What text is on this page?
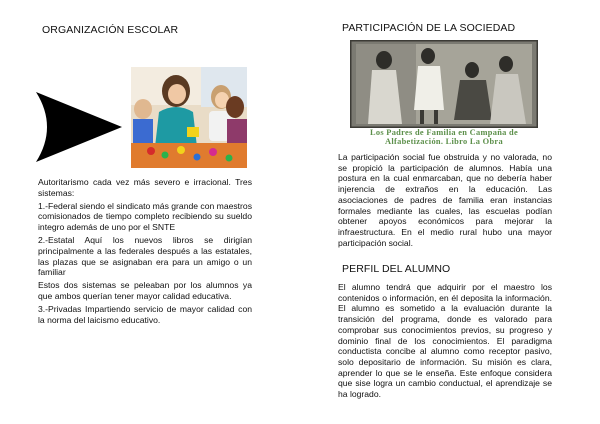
ORGANIZACIÓN ESCOLAR

Autoritarismo cada vez más severo e irracional. Tres sistemas:

1.-Federal siendo el sindicato más grande con maestros comisionados de tiempo completo recibiendo su sueldo integro además de uno por el SNTE

2.-Estatal Aquí los nuevos libros se dirigían principalmente a las federales después a las estatales, las plazas que se asignaban era para un amigo o un familiar

Estos dos sistemas se peleaban por los alumnos ya que ambos querían tener mayor calidad educativa.

3.-Privadas Impartiendo servicio de mayor calidad con la norma del laicismo educativo.

PARTICIPACIÓN DE LA SOCIEDAD
Los Padres de Familia en Campaña de
Alfabetización. Libro La Obra

La participación social fue obstruida y no valorada, no se propició la participación de alumnos. Había una postura en la cual enmarcaban, que no debería haber injerencia de extraños en la educación. Las asociaciones de padres de familia eran instancias formales mediante las cuales, las escuelas podían obtener apoyos económicos para mejorar la infraestructura. En el medio rural hubo una mayor participación social.

PERFIL DEL ALUMNO

El alumno tendrá que adquirir por el maestro los contenidos o información, en él deposita la información. El alumno es sometido a la evaluación durante la transición del programa, donde es valorado para comprobar sus conocimientos previos, su progreso y dominio final de los conocimientos. El paradigma conductista concibe al alumno como receptor pasivo, solo depositario de información. Su misión es clara, aprender lo que se le enseña. Este enfoque considera que sise logra un cambio conductual, el aprendizaje se ha logrado.
